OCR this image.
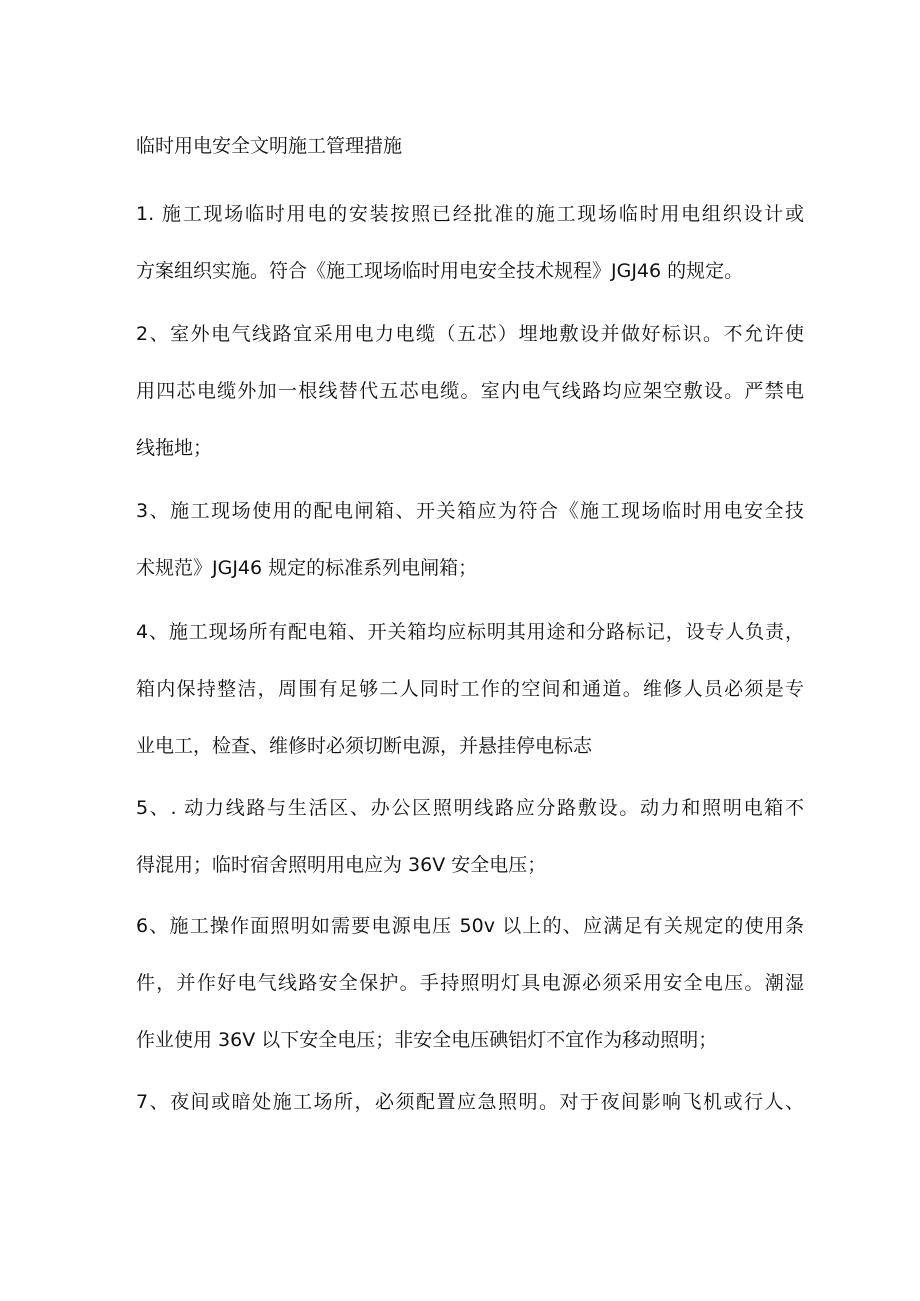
临时用电安全文明施工管理措施
1. 施工现场临时用电的安装按照已经批准的施工现场临时用电组织设计或
方案组织实施。符合《施工现场临时用电安全技术规程》JGJ46 的规定。
2、室外电气线路宜采用电力电缆（五芯）埋地敷设并做好标识。不允许使
用四芯电缆外加一根线替代五芯电缆。室内电气线路均应架空敷设。严禁电
线拖地；
3、施工现场使用的配电闸箱、开关箱应为符合《施工现场临时用电安全技
术规范》JGJ46 规定的标准系列电闸箱；
4、施工现场所有配电箱、开关箱均应标明其用途和分路标记，设专人负责，
箱内保持整洁，周围有足够二人同时工作的空间和通道。维修人员必须是专
业电工，检查、维修时必须切断电源，并悬挂停电标志
5、. 动力线路与生活区、办公区照明线路应分路敷设。动力和照明电箱不
得混用；临时宿舍照明用电应为 36V 安全电压；
6、施工操作面照明如需要电源电压 50v 以上的、应满足有关规定的使用条
件，并作好电气线路安全保护。手持照明灯具电源必须采用安全电压。潮湿
作业使用 36V 以下安全电压；非安全电压碘铝灯不宜作为移动照明；
7、夜间或暗处施工场所，必须配置应急照明。对于夜间影响飞机或行人、
